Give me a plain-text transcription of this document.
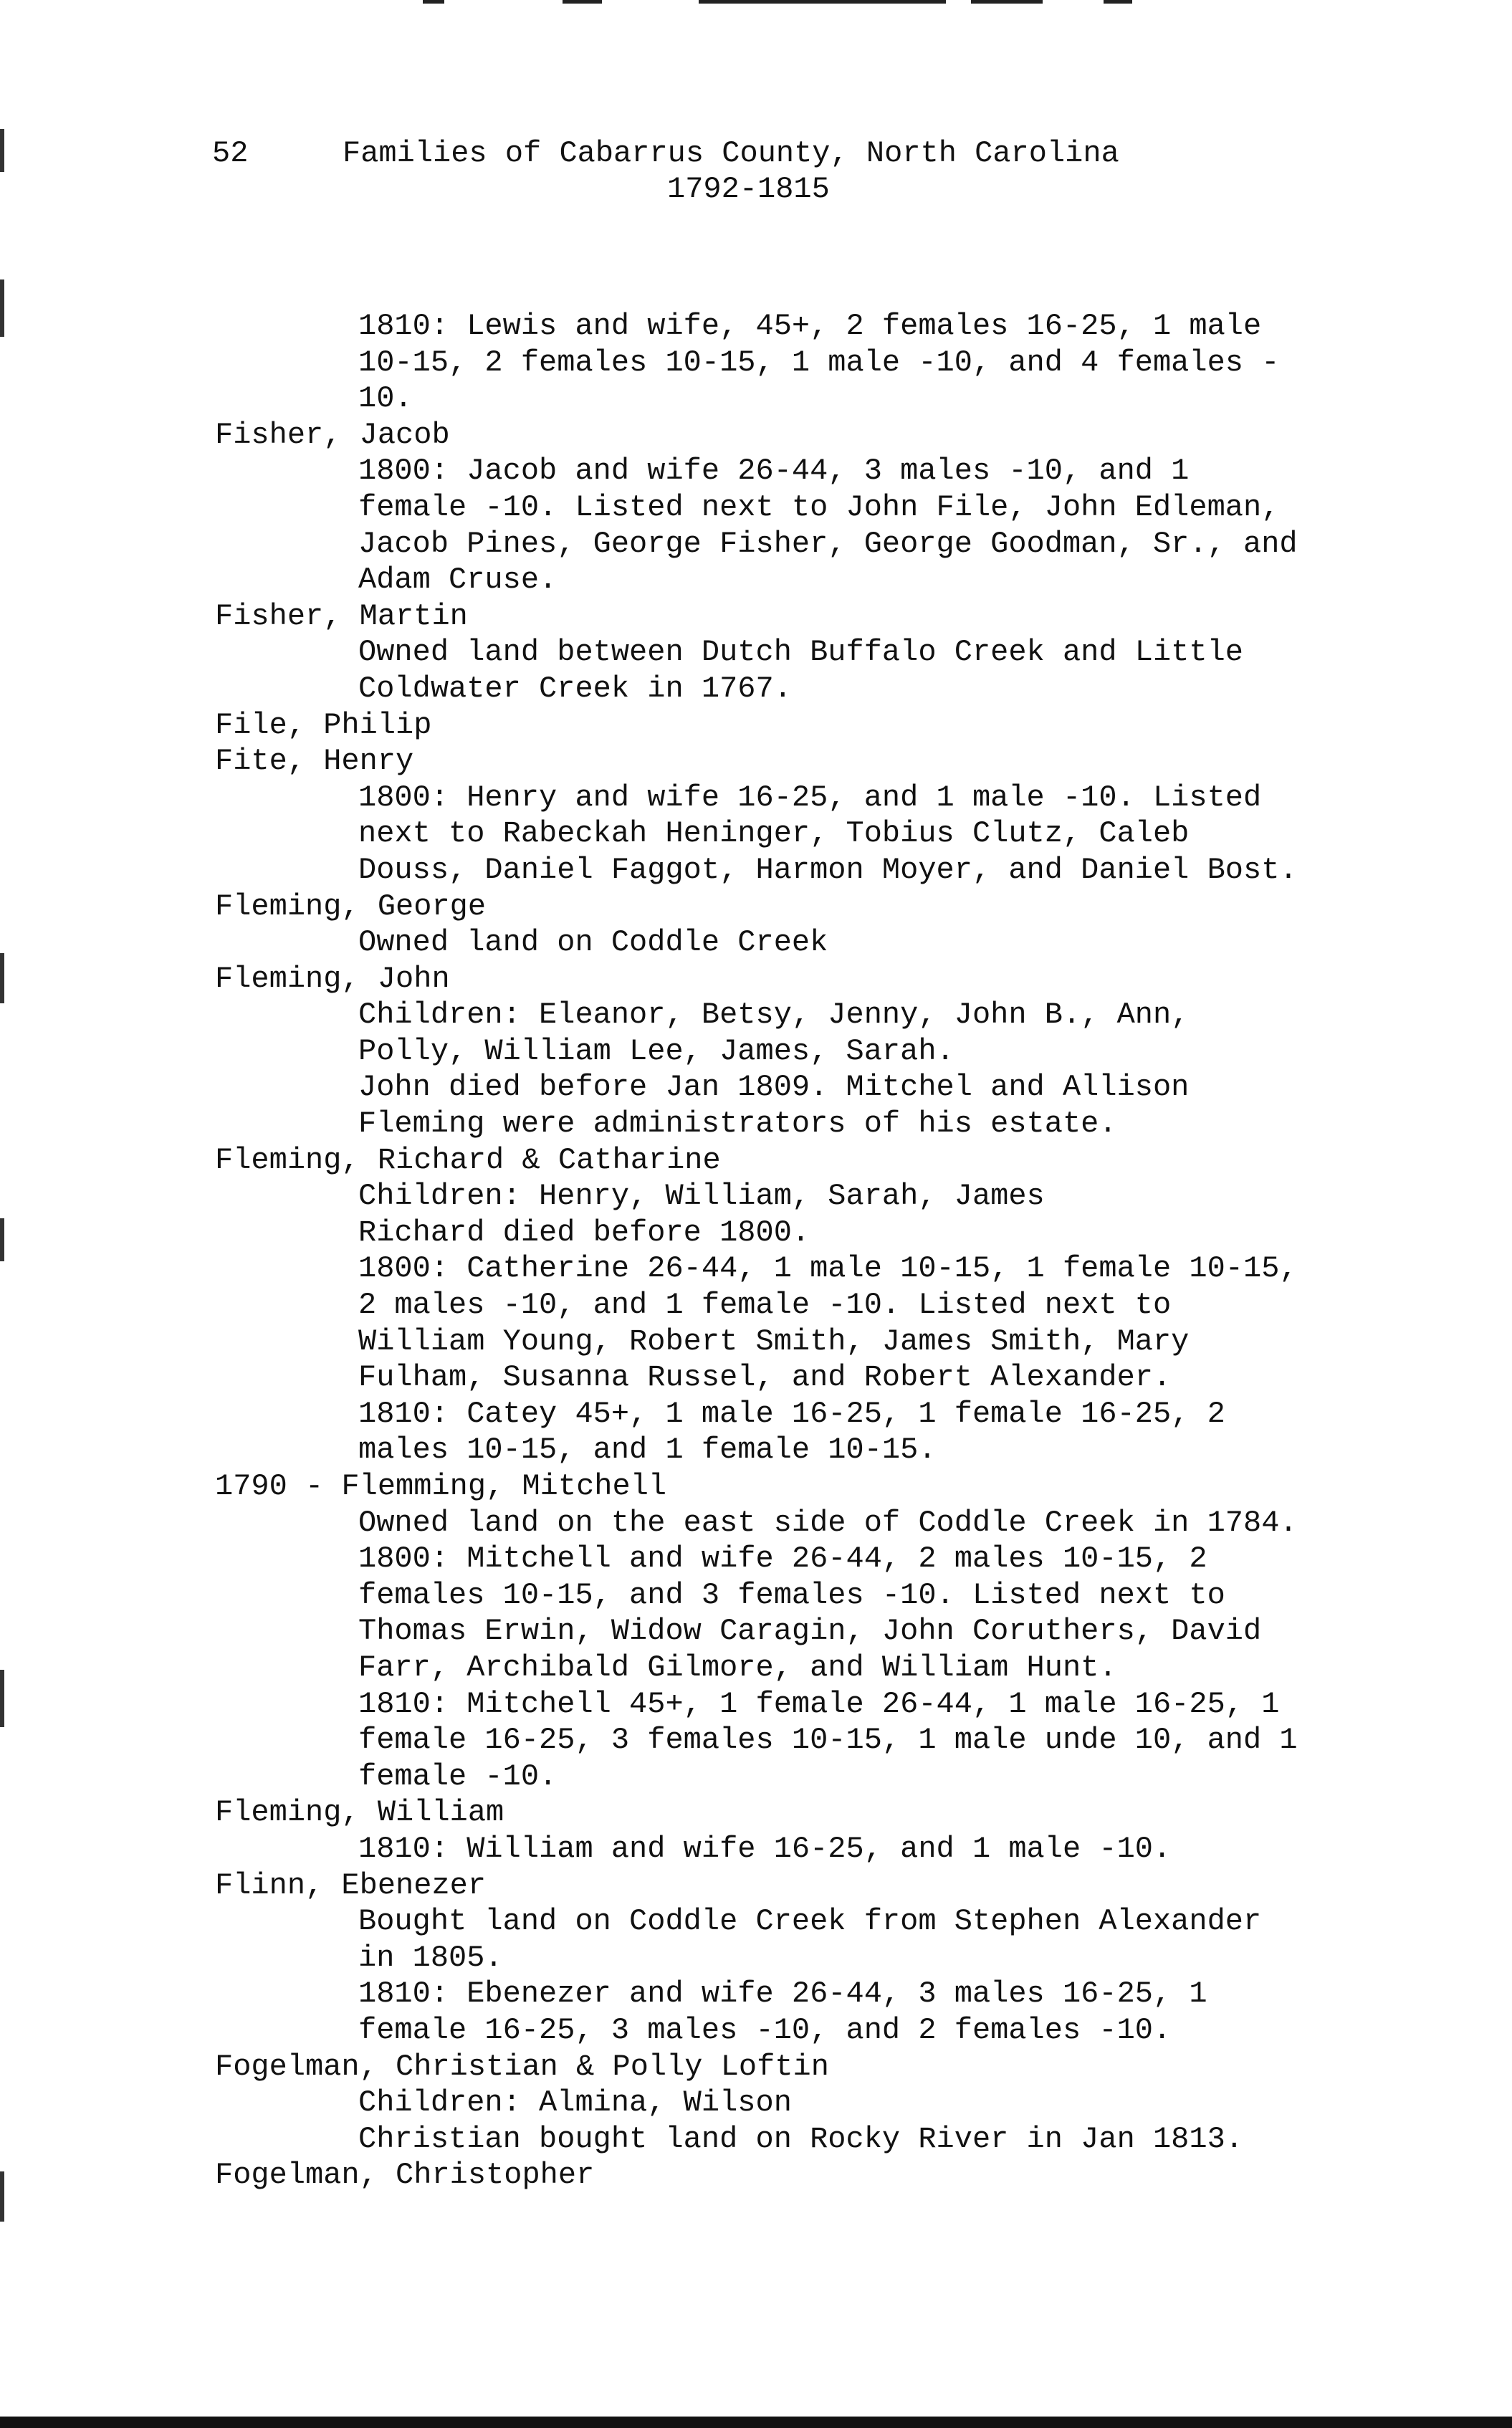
52	Families of Cabarrus County, North Carolina
1792-1815
1810: Lewis and wife, 45+, 2 females 16-25, 1 male
10-15, 2 females 10-15, 1 male -10, and 4 females -
10.
Fisher, Jacob
1800: Jacob and wife 26-44, 3 males -10, and 1
female -10. Listed next to John File, John Edleman,
Jacob Pines, George Fisher, George Goodman, Sr., and
Adam Cruse.
Fisher, Martin
Owned land between Dutch Buffalo Creek and Little
Coldwater Creek in 1767.
File, Philip
Fite, Henry
1800: Henry and wife 16-25, and 1 male -10. Listed
next to Rabeckah Heninger, Tobius Clutz, Caleb
Douss, Daniel Faggot, Harmon Moyer, and Daniel Bost.
Fleming, George
Owned land on Coddle Creek
Fleming, John
Children: Eleanor, Betsy, Jenny, John B., Ann,
Polly, William Lee, James, Sarah.
John died before Jan 1809. Mitchel and Allison
Fleming were administrators of his estate.
Fleming, Richard & Catharine
Children: Henry, William, Sarah, James
Richard died before 1800.
1800: Catherine 26-44, 1 male 10-15, 1 female 10-15,
2 males -10, and 1 female -10. Listed next to
William Young, Robert Smith, James Smith, Mary
Fulham, Susanna Russel, and Robert Alexander.
1810: Catey 45+, 1 male 16-25, 1 female 16-25, 2
males 10-15, and 1 female 10-15.
1790 - Flemming, Mitchell
Owned land on the east side of Coddle Creek in 1784.
1800: Mitchell and wife 26-44, 2 males 10-15, 2
females 10-15, and 3 females -10. Listed next to
Thomas Erwin, Widow Caragin, John Coruthers, David
Farr, Archibald Gilmore, and William Hunt.
1810: Mitchell 45+, 1 female 26-44, 1 male 16-25, 1
female 16-25, 3 females 10-15, 1 male unde 10, and 1
female -10.
Fleming, William
1810: William and wife 16-25, and 1 male -10.
Flinn, Ebenezer
Bought land on Coddle Creek from Stephen Alexander
in 1805.
1810: Ebenezer and wife 26-44, 3 males 16-25, 1
female 16-25, 3 males -10, and 2 females -10.
Fogelman, Christian & Polly Loftin
Children: Almina, Wilson
Christian bought land on Rocky River in Jan 1813.
Fogelman, Christopher
